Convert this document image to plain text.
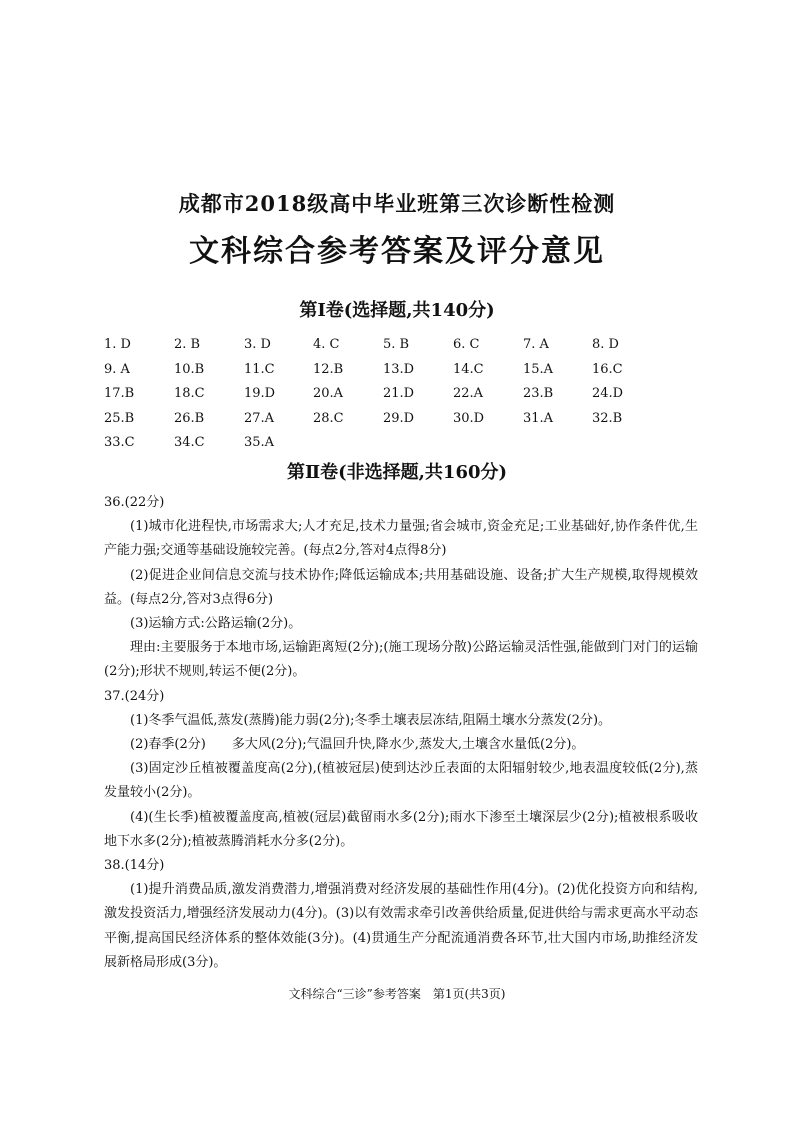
成都市2018级高中毕业班第三次诊断性检测
文科综合参考答案及评分意见
第Ⅰ卷(选择题,共140分)
1. D	2. B	3. D	4. C	5. B	6. C	7. A	8. D
9. A	10.B	11.C	12.B	13.D	14.C	15.A	16.C
17.B	18.C	19.D	20.A	21.D	22.A	23.B	24.D
25.B	26.B	27.A	28.C	29.D	30.D	31.A	32.B
33.C	34.C	35.A
第Ⅱ卷(非选择题,共160分)

36.(22分)

(1)城市化进程快,市场需求大;人才充足,技术力量强;省会城市,资金充足;工业基础好,协作条件优,生产能力强;交通等基础设施较完善。(每点2分,答对4点得8分)

(2)促进企业间信息交流与技术协作;降低运输成本;共用基础设施、设备;扩大生产规模,取得规模效益。(每点2分,答对3点得6分)

(3)运输方式:公路运输(2分)。

理由:主要服务于本地市场,运输距离短(2分);(施工现场分散)公路运输灵活性强,能做到门对门的运输(2分);形状不规则,转运不便(2分)。

37.(24分)

(1)冬季气温低,蒸发(蒸腾)能力弱(2分);冬季土壤表层冻结,阻隔土壤水分蒸发(2分)。

(2)春季(2分)　　多大风(2分);气温回升快,降水少,蒸发大,土壤含水量低(2分)。

(3)固定沙丘植被覆盖度高(2分),(植被冠层)使到达沙丘表面的太阳辐射较少,地表温度较低(2分),蒸发量较小(2分)。

(4)(生长季)植被覆盖度高,植被(冠层)截留雨水多(2分);雨水下渗至土壤深层少(2分);植被根系吸收地下水多(2分);植被蒸腾消耗水分多(2分)。

38.(14分)

(1)提升消费品质,激发消费潜力,增强消费对经济发展的基础性作用(4分)。(2)优化投资方向和结构,激发投资活力,增强经济发展动力(4分)。(3)以有效需求牵引改善供给质量,促进供给与需求更高水平动态平衡,提高国民经济体系的整体效能(3分)。(4)贯通生产分配流通消费各环节,壮大国内市场,助推经济发展新格局形成(3分)。

文科综合“三诊”参考答案　第1页(共3页)
